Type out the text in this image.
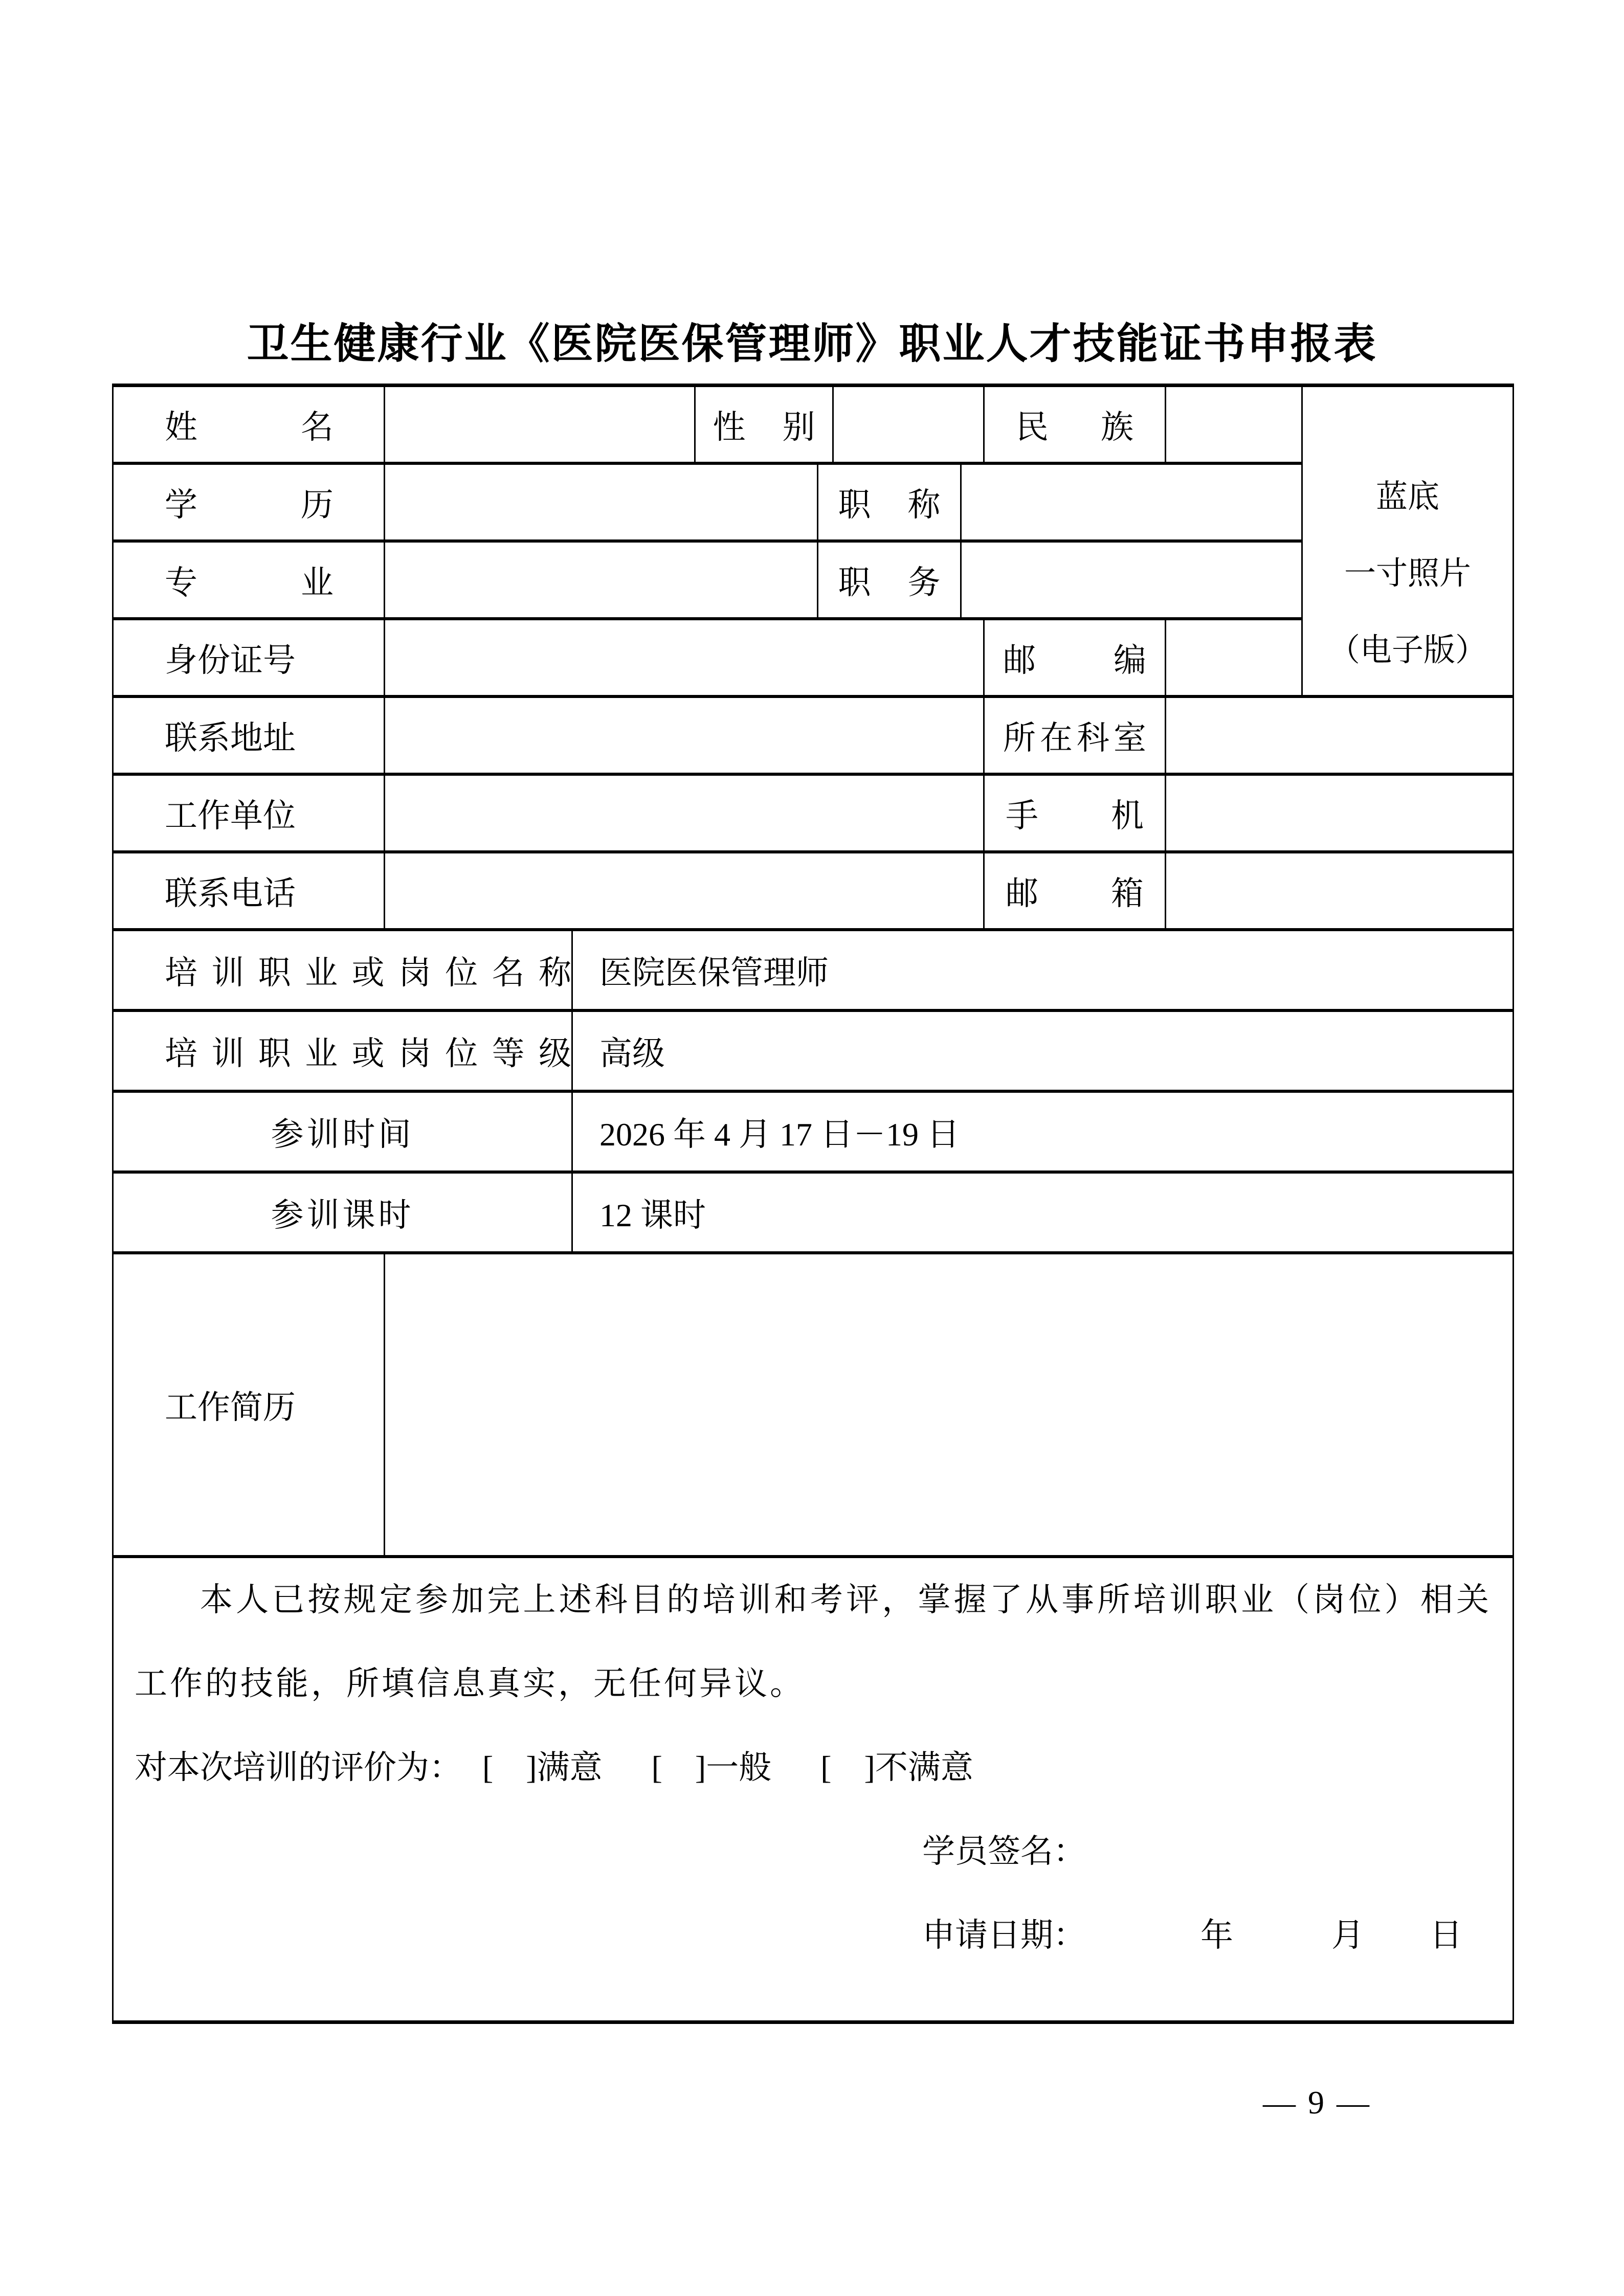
卫生健康行业《医院医保管理师》职业人才技能证书申报表
姓名	性别	民族
学历	职称
专业	职务
身份证号	邮编
联系地址	所在科室
工作单位	手机
联系电话	邮箱
培训职业或岗位名称 医院医保管理师
培训职业或岗位等级 高级
参训时间	2026 年 4 月 17 日－19 日
参训课时	12 课时
工作简历

本人已按规定参加完上述科目的培训和考评，掌握了从事所培训职业（岗位）相关工作的技能，所填信息真实，无任何异议。

对本次培训的评价为： [　]满意 [　]一般 [　]不满意

学员签名：

申请日期：　　　　年　　　月　　日

蓝底
一寸照片
（电子版）
— 9 —
